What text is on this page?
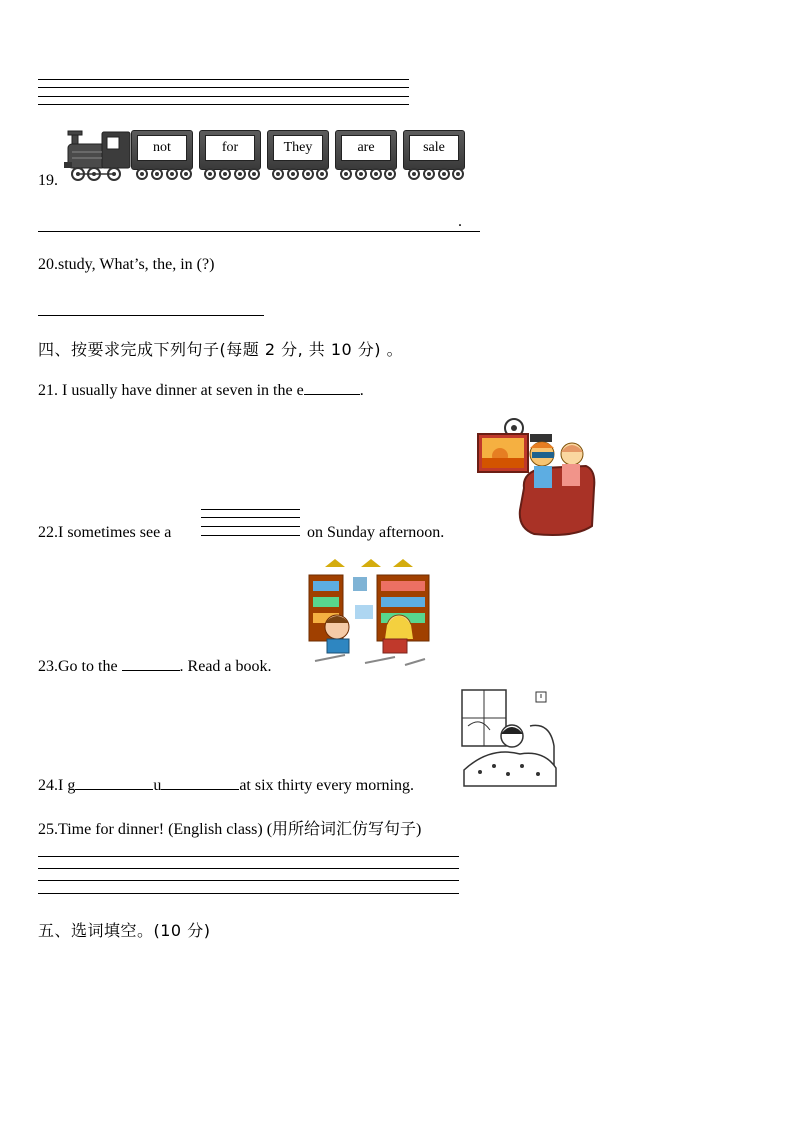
19.
not	for	They	are	sale
.
20.study, What’s, the, in (?)
四、按要求完成下列句子(每题 2 分, 共 10 分) 。
21. I usually have dinner at seven in the e	.
22.I sometimes see a	on Sunday afternoon.
23.Go to the	. Read a book.
24.I g	u	at six thirty every morning.
25.Time for dinner! (English class) (用所给词汇仿写句子)
五、选词填空。(10 分)
